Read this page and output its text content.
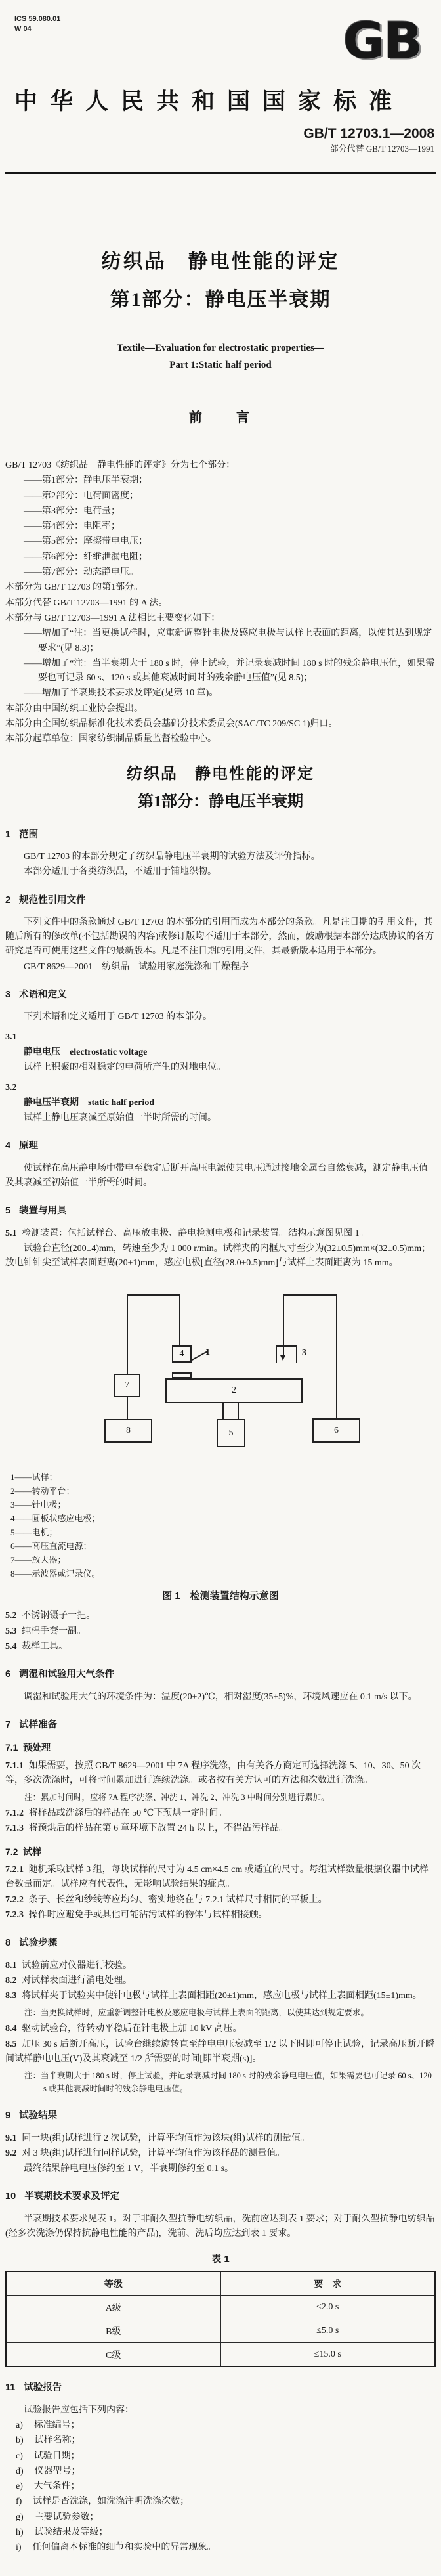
ICS 59.080.01
W 04	GB
中华人民共和国国家标准
GB/T 12703.1—2008
部分代替 GB/T 12703—1991
纺织品　静电性能的评定
第1部分：静电压半衰期
Textile—Evaluation for electrostatic properties—
Part 1:Static half period
前　　言
GB/T 12703《纺织品　静电性能的评定》分为七个部分：
——第1部分：静电压半衰期；
——第2部分：电荷面密度；
——第3部分：电荷量；
——第4部分：电阻率；
——第5部分：摩擦带电电压；
——第6部分：纤维泄漏电阻；
——第7部分：动态静电压。
本部分为 GB/T 12703 的第1部分。
本部分代替 GB/T 12703—1991 的 A 法。
本部分与 GB/T 12703—1991 A 法相比主要变化如下：
——增加了“注：当更换试样时，应重新调整针电极及感应电极与试样上表面的距离，以使其达到规定要求”(见 8.3)；
——增加了“注：当半衰期大于 180 s 时，停止试验，并记录衰减时间 180 s 时的残余静电压值，如果需要也可记录 60 s、120 s 或其他衰减时间时的残余静电压值”(见 8.5)；
——增加了半衰期技术要求及评定(见第 10 章)。
本部分由中国纺织工业协会提出。
本部分由全国纺织品标准化技术委员会基础分技术委员会(SAC/TC 209/SC 1)归口。
本部分起草单位：国家纺织制品质量监督检验中心。
纺织品　静电性能的评定
第1部分：静电压半衰期
1 范围
GB/T 12703 的本部分规定了纺织品静电压半衰期的试验方法及评价指标。
本部分适用于各类纺织品，不适用于铺地织物。
2 规范性引用文件
下列文件中的条款通过 GB/T 12703 的本部分的引用而成为本部分的条款。凡是注日期的引用文件，其随后所有的修改单(不包括勘误的内容)或修订版均不适用于本部分，然而，鼓励根据本部分达成协议的各方研究是否可使用这些文件的最新版本。凡是不注日期的引用文件，其最新版本适用于本部分。
GB/T 8629—2001　纺织品　试验用家庭洗涤和干燥程序
3 术语和定义
下列术语和定义适用于 GB/T 12703 的本部分。
3.1
静电电压　electrostatic voltage
试样上积聚的相对稳定的电荷所产生的对地电位。
3.2
静电压半衰期　static half period
试样上静电压衰减至原始值一半时所需的时间。
4 原理
使试样在高压静电场中带电至稳定后断开高压电源使其电压通过接地金属台自然衰减，测定静电压值及其衰减至初始值一半所需的时间。
5 装置与用具
5.1 检测装置：包括试样台、高压放电极、静电检测电极和记录装置。结构示意图见图 1。
试验台直径(200±4)mm，转速至少为 1 000 r/min。试样夹的内框尺寸至少为(32±0.5)mm×(32±0.5)mm；放电针针尖至试样表面距离(20±1)mm，感应电极[直径(28.0±0.5)mm]与试样上表面距离为 15 mm。
3
4	1
2
5
7
8	6
1——试样；
2——转动平台；
3——针电极；
4——圆板状感应电极；
5——电机；
6——高压直流电源；
7——放大器；
8——示波器或记录仪。
图 1　检测装置结构示意图
5.2 不锈钢镊子一把。
5.3 纯棉手套一副。
5.4 裁样工具。
6 调湿和试验用大气条件
调湿和试验用大气的环境条件为：温度(20±2)℃，相对湿度(35±5)%，环境风速应在 0.1 m/s 以下。
7 试样准备
7.1 预处理
7.1.1 如果需要，按照 GB/T 8629—2001 中 7A 程序洗涤，由有关各方商定可选择洗涤 5、10、30、50 次等，多次洗涤时，可将时间累加进行连续洗涤。或者按有关方认可的方法和次数进行洗涤。
注：累加时间时，应将 7A 程序洗涤、冲洗 1、冲洗 2、冲洗 3 中时间分别进行累加。
7.1.2 将样品或洗涤后的样品在 50 ℃下预烘一定时间。
7.1.3 将预烘后的样品在第 6 章环境下放置 24 h 以上，不得沾污样品。
7.2 试样
7.2.1 随机采取试样 3 组，每块试样的尺寸为 4.5 cm×4.5 cm 或适宜的尺寸。每组试样数量根据仪器中试样台数量而定。试样应有代表性，无影响试验结果的疵点。
7.2.2 条子、长丝和纱线等应均匀、密实地绕在与 7.2.1 试样尺寸相同的平板上。
7.2.3 操作时应避免手或其他可能沾污试样的物体与试样相接触。
8 试验步骤
8.1 试验前应对仪器进行校验。
8.2 对试样表面进行消电处理。
8.3 将试样夹于试验夹中使针电极与试样上表面相距(20±1)mm，感应电极与试样上表面相距(15±1)mm。
注：当更换试样时，应重新调整针电极及感应电极与试样上表面的距离，以使其达到规定要求。
8.4 驱动试验台，待转动平稳后在针电极上加 10 kV 高压。
8.5 加压 30 s 后断开高压，试验台继续旋转直至静电电压衰减至 1/2 以下时即可停止试验，记录高压断开瞬间试样静电电压(V)及其衰减至 1/2 所需要的时间[即半衰期(s)]。
注：当半衰期大于 180 s 时，停止试验，并记录衰减时间 180 s 时的残余静电电压值，如果需要也可记录 60 s、120 s 或其他衰减时间时的残余静电电压值。
9 试验结果
9.1 同一块(组)试样进行 2 次试验，计算平均值作为该块(组)试样的测量值。
9.2 对 3 块(组)试样进行同样试验，计算平均值作为该样品的测量值。
最终结果静电电压修约至 1 V，半衰期修约至 0.1 s。
10 半衰期技术要求及评定
半衰期技术要求见表 1。对于非耐久型抗静电纺织品，洗前应达到表 1 要求；对于耐久型抗静电纺织品(经多次洗涤仍保持抗静电性能的产品)，洗前、洗后均应达到表 1 要求。
表 1
等级	要　求
A级	≤2.0 s
B级	≤5.0 s
C级	≤15.0 s
11 试验报告
试验报告应包括下列内容：
a) 标准编号；
b) 试样名称；
c) 试验日期；
d) 仪器型号；
e) 大气条件；
f) 试样是否洗涤，如洗涤注明洗涤次数；
g) 主要试验参数；
h) 试验结果及等级；
i) 任何偏离本标准的细节和实验中的异常现象。
